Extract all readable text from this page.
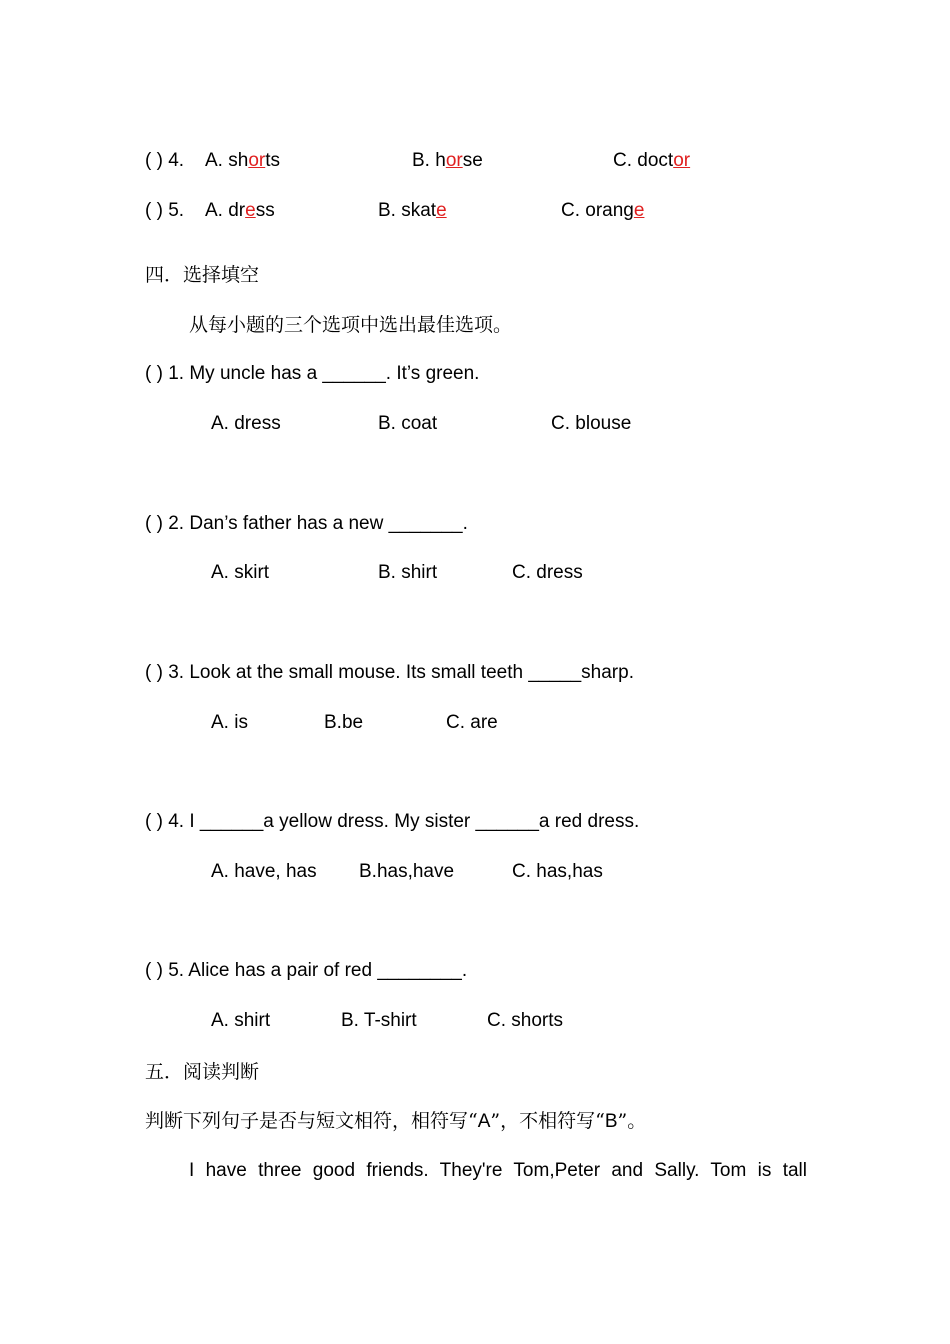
( ) 4. A. shorts	B. horse	C. doctor
( ) 5. A. dress	B. skate	C. orange
四．选择填空
从每小题的三个选项中选出最佳选项。
( ) 1. My uncle has a ______. It’s green.
A. dress	B. coat	C. blouse
( ) 2. Dan’s father has a new _______.
A. skirt	B. shirt	C. dress
( ) 3. Look at the small mouse. Its small teeth _____sharp.
A. is	B.be	C. are
( ) 4. I ______a yellow dress. My sister ______a red dress.
A. have, has B.has,have	C. has,has
( ) 5. Alice has a pair of red ________.
A. shirt	B. T-shirt	C. shorts
五．阅读判断
判断下列句子是否与短文相符，相符写“A”，不相符写“B”。
I have three good friends. They're Tom,Peter and Sally. Tom is tall
